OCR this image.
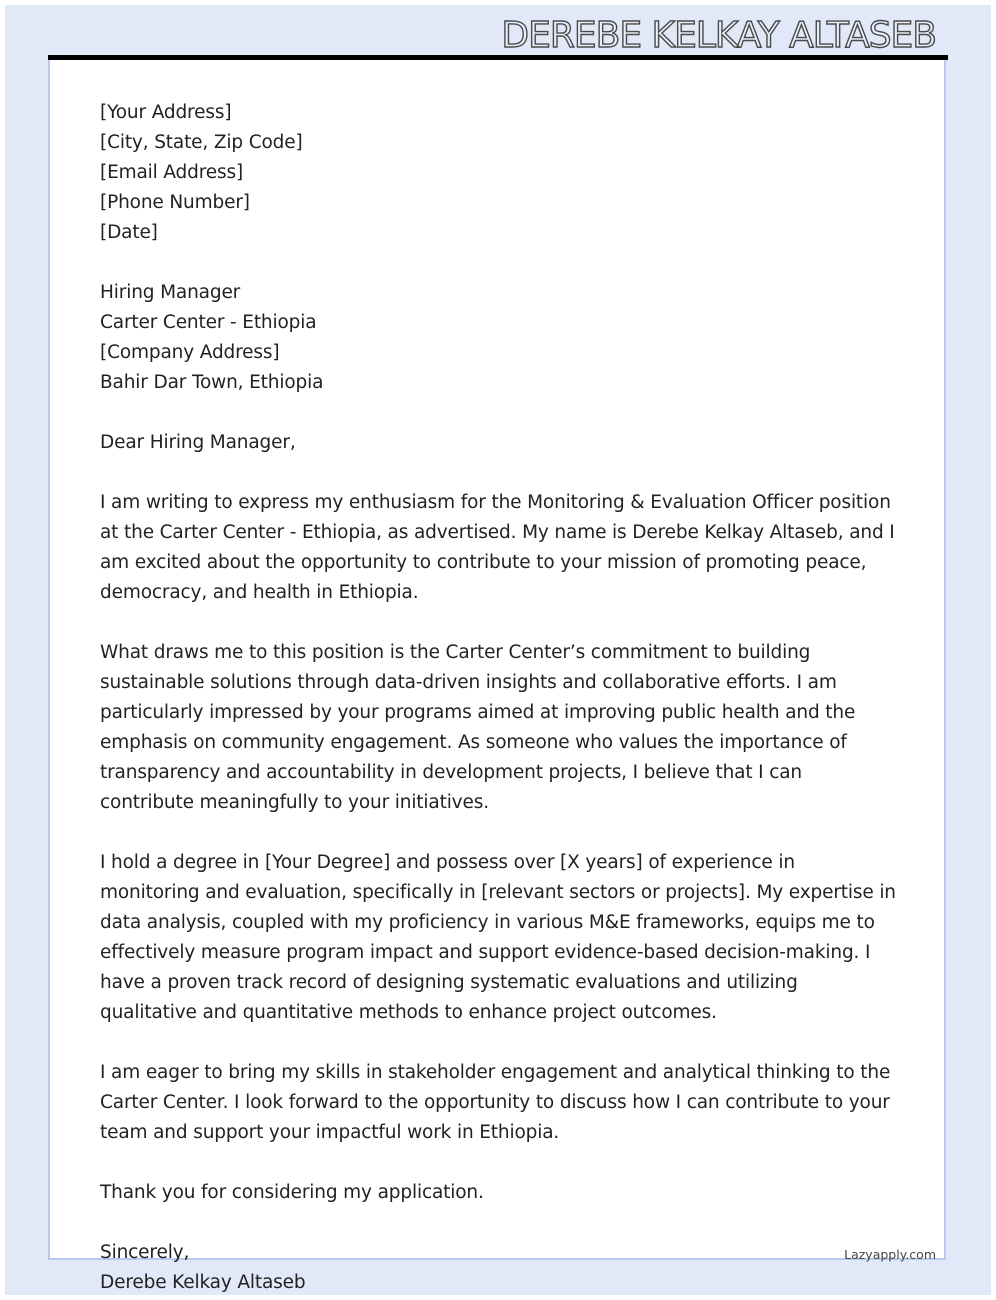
DEREBE KELKAY ALTASEB
[Your Address]
[City, State, Zip Code]
[Email Address]
[Phone Number]
[Date]
Hiring Manager
Carter Center - Ethiopia
[Company Address]
Bahir Dar Town, Ethiopia
Dear Hiring Manager,
I am writing to express my enthusiasm for the Monitoring & Evaluation Officer position at the Carter Center - Ethiopia, as advertised. My name is Derebe Kelkay Altaseb, and I am excited about the opportunity to contribute to your mission of promoting peace, democracy, and health in Ethiopia.
What draws me to this position is the Carter Center’s commitment to building sustainable solutions through data-driven insights and collaborative efforts. I am particularly impressed by your programs aimed at improving public health and the emphasis on community engagement. As someone who values the importance of transparency and accountability in development projects, I believe that I can contribute meaningfully to your initiatives.
I hold a degree in [Your Degree] and possess over [X years] of experience in monitoring and evaluation, specifically in [relevant sectors or projects]. My expertise in data analysis, coupled with my proficiency in various M&E frameworks, equips me to effectively measure program impact and support evidence-based decision-making. I have a proven track record of designing systematic evaluations and utilizing qualitative and quantitative methods to enhance project outcomes.
I am eager to bring my skills in stakeholder engagement and analytical thinking to the Carter Center. I look forward to the opportunity to discuss how I can contribute to your team and support your impactful work in Ethiopia.
Thank you for considering my application.
Sincerely,
Derebe Kelkay Altaseb
Lazyapply.com
